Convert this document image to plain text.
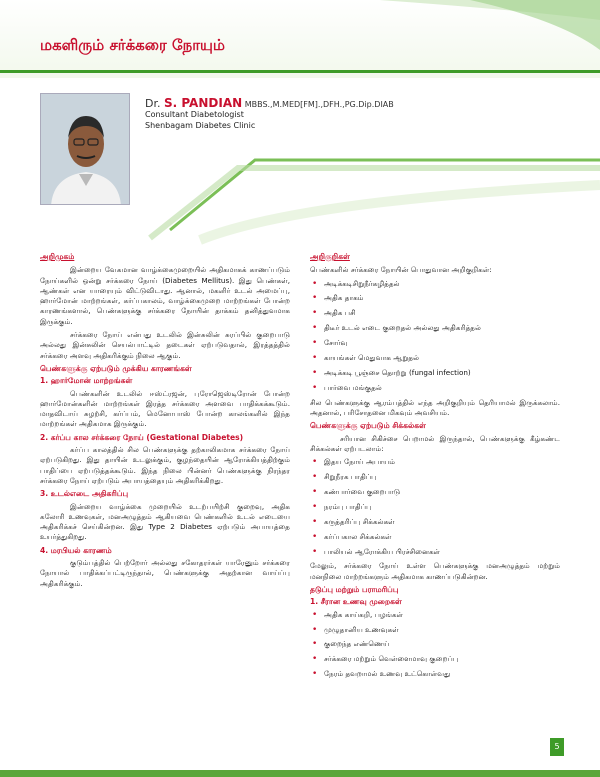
மகளிரும் சர்க்கரை நோயும்
Dr. S. PANDIAN MBBS.,M.MED[FM].,DFH.,PG.Dip.DIAB
Consultant Diabetologist
Shenbagam Diabetes Clinic
அறிமுகம்

இன்றைய வேகமான வாழ்க்கைமுறையில் அதிகமாகக் காணப்படும் நோய்களில் ஒன்று சர்க்கரை நோய் (Diabetes Mellitus). இது பெண்கள், ஆண்கள் என யாரையும் விட்டுவிடாது. ஆனால், மகளிர் உடல் அமைப்பு, ஹார்மோன் மாற்றங்கள், கர்ப்பகாலம், வாழ்க்கைமுறை மாற்றங்கள் போன்ற காரணங்களால், பெண்களுக்கு சர்க்கரை நோயின் தாக்கம் தனித்துவமாக இருக்கும்.

சர்க்கரை நோய் என்பது உடலில் இன்சுலின் சுரப்பில் குறைபாடு அல்லது இன்சுலின் செயல்பாட்டில் தடைகள் ஏற்படுவதால், இரத்தத்தில் சர்க்கரை அளவு அதிகரிக்கும் நிலை ஆகும்.

பெண்களுக்கு ஏற்படும் முக்கிய காரணங்கள்
1. ஹார்மோன் மாற்றங்கள்

பெண்களின் உடலில் ஈஸ்ட்ரஜன், புரோஜெஸ்டிரோன் போன்ற ஹார்மோன்களின் மாற்றங்கள் இரத்த சர்க்கரை அளவை பாதிக்கக்கூடும். மாதவிடாய் சுழற்சி, கர்ப்பம், மெனோபாஸ் போன்ற காலங்களில் இந்த மாற்றங்கள் அதிகமாக இருக்கும்.

2. கர்ப்ப கால சர்க்கரை நோய் (Gestational Diabetes)

கர்ப்ப காலத்தில் சில பெண்களுக்கு தற்காலிகமாக சர்க்கரை நோய் ஏற்படுகிறது. இது தாயின் உடலுக்கும், குழந்தையின் ஆரோக்கியத்திற்கும் பாதிப்பை ஏற்படுத்தக்கூடும். இந்த நிலை பின்னர் பெண்களுக்கு நிரந்தர சர்க்கரை நோய் ஏற்படும் அபாயத்தையும் அதிகரிக்கிறது.

3. உடல்எடை அதிகரிப்பு

இன்றைய வாழ்க்கை முறையில் உடற்பயிற்சி குறைவு, அதிக கலோரி உணவுகள், மனஅழுத்தம் ஆகியவை பெண்களில் உடல் எடையை அதிகரிக்கச் செய்கின்றன. இது Type 2 Diabetes ஏற்படும் அபாயத்தை உயர்த்துகிறது.

4. மரபியல் காரணம்

குடும்பத்தில் பெற்றோர் அல்லது சகோதரர்கள் யாரேனும் சர்க்கரை நோயால் பாதிக்கப்பட்டிருந்தால், பெண்களுக்கு அதற்கான வாய்ப்பு அதிகரிக்கும்.

அறிகுறிகள்

பெண்களில் சர்க்கரை நோயின் பொதுவான அறிகுறிகள்:

• அடிக்கடிசிறுநீர்கழித்தல்
• அதிக தாகம்
• அதிக பசி
• திடீர் உடல் எடை குறைதல் அல்லது அதிகரித்தல்
• சோர்வு
• காயங்கள் மெதுவாக ஆறுதல்
• அடிக்கடி பூஞ்சை தொற்று (fungal infection)
• பார்வை மங்குதல்

சில பெண்களுக்கு ஆரம்பத்தில் எந்த அறிகுறியும் தெரியாமல் இருக்கலாம். அதனால், பரிசோதனை மிகவும் அவசியம்.

பெண்களுக்கு ஏற்படும் சிக்கல்கள்

சரியான சிகிச்சை பெறாமல் இருந்தால், பெண்களுக்கு கீழ்கண்ட சிக்கல்கள் ஏற்படலாம்:

• இதய நோய் அபாயம்
• சிறுநீரக பாதிப்பு
• கண்பார்வை குறைபாடு
• நரம்பு பாதிப்பு
• கருத்தரிப்பு சிக்கல்கள்
• கர்ப்பகால சிக்கல்கள்
• பாலியல் ஆரோக்கிய பிரச்சினைகள்

மேலும், சர்க்கரை நோய் உள்ள பெண்களுக்கு மனஅழுத்தம் மற்றும் மனநிலை மாற்றங்களும் அதிகமாக காணப்படுகின்றன.

தடுப்பு மற்றும் பராமரிப்பு
1. சீரான உணவு முறைகள்
• அதிக காய்கறி, பழங்கள்
• முழுதானிய உணவுகள்
• குறைந்த எண்ணெய்
• சர்க்கரை மற்றும் வெள்ளைமாவு குறைப்பு
• நேரம் தவறாமல் உணவு உட்கொள்வது
5
